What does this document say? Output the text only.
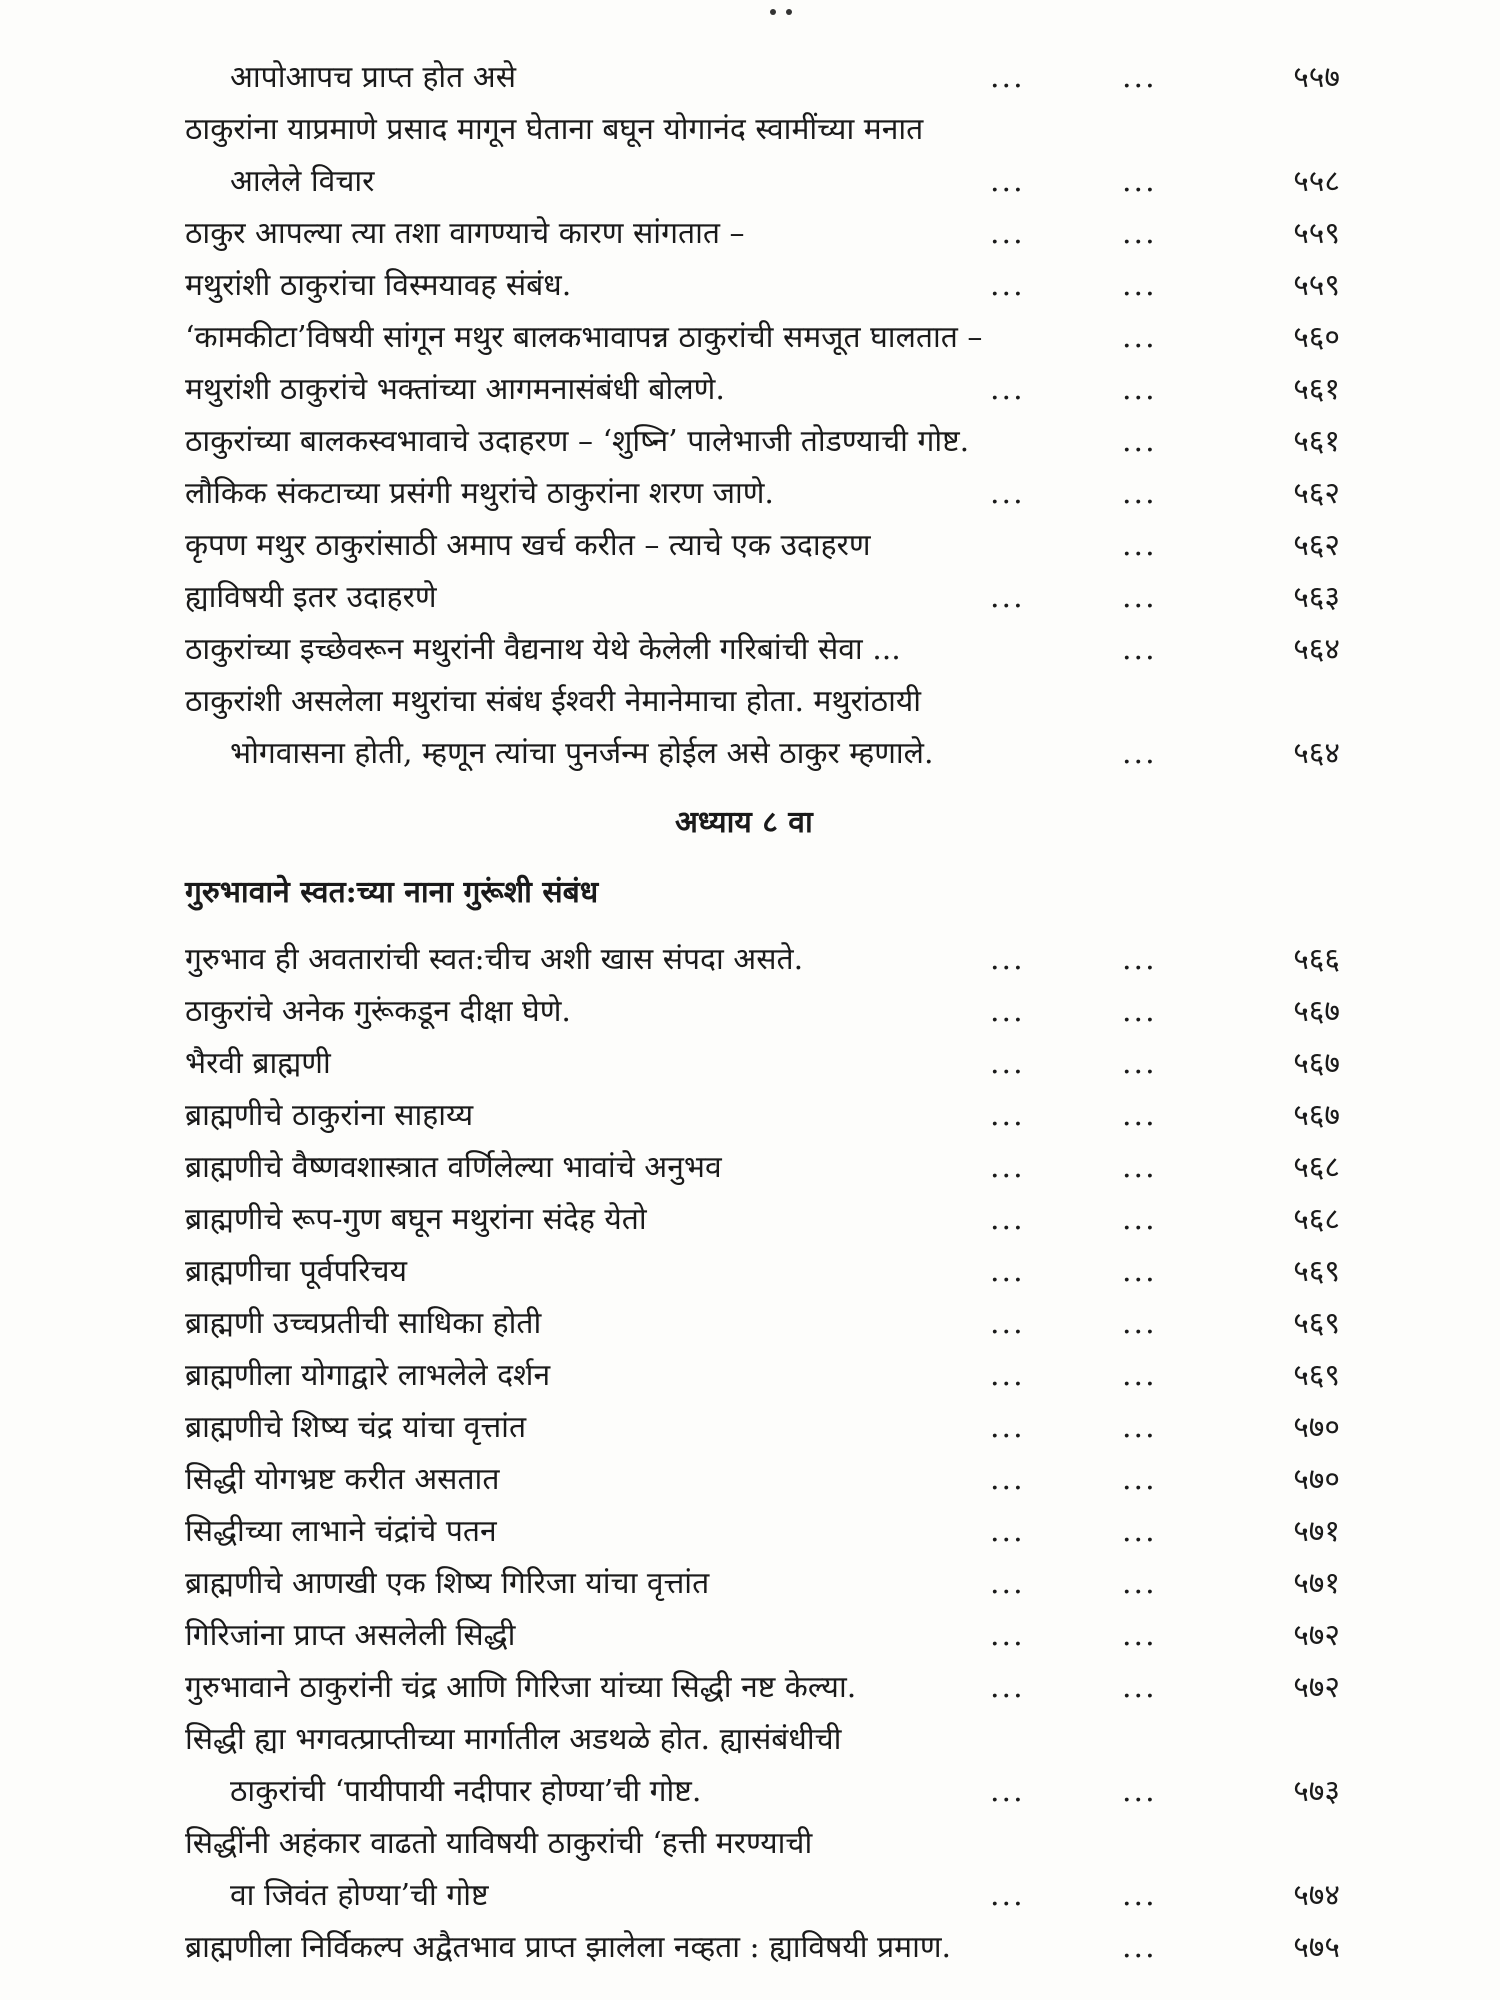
आपोआपच प्राप्त होत असे	...	...	५५७
ठाकुरांना याप्रमाणे प्रसाद मागून घेताना बघून योगानंद स्वामींच्या मनात
आलेले विचार	...	...	५५८
ठाकुर आपल्या त्या तशा वागण्याचे कारण सांगतात –	...	...	५५९
मथुरांशी ठाकुरांचा विस्मयावह संबंध.	...	...	५५९
‘कामकीटा’विषयी सांगून मथुर बालकभावापन्न ठाकुरांची समजूत घालतात –	...	५६०
मथुरांशी ठाकुरांचे भक्तांच्या आगमनासंबंधी बोलणे.	...	...	५६१
ठाकुरांच्या बालकस्वभावाचे उदाहरण – ‘शुष्नि’ पालेभाजी तोडण्याची गोष्ट.	...	५६१
लौकिक संकटाच्या प्रसंगी मथुरांचे ठाकुरांना शरण जाणे.	...	...	५६२
कृपण मथुर ठाकुरांसाठी अमाप खर्च करीत – त्याचे एक उदाहरण	...	५६२
ह्याविषयी इतर उदाहरणे	...	...	५६३
ठाकुरांच्या इच्छेवरून मथुरांनी वैद्यनाथ येथे केलेली गरिबांची सेवा ...	...	५६४
ठाकुरांशी असलेला मथुरांचा संबंध ईश्वरी नेमानेमाचा होता. मथुरांठायी
भोगवासना होती, म्हणून त्यांचा पुनर्जन्म होईल असे ठाकुर म्हणाले.	...	५६४
अध्याय ८ वा
गुरुभावाने स्वत:च्या नाना गुरूंशी संबंध
गुरुभाव ही अवतारांची स्वत:चीच अशी खास संपदा असते.	...	...	५६६
ठाकुरांचे अनेक गुरूंकडून दीक्षा घेणे.	...	...	५६७
भैरवी ब्राह्मणी	...	...	५६७
ब्राह्मणीचे ठाकुरांना साहाय्य	...	...	५६७
ब्राह्मणीचे वैष्णवशास्त्रात वर्णिलेल्या भावांचे अनुभव	...	...	५६८
ब्राह्मणीचे रूप-गुण बघून मथुरांना संदेह येतो	...	...	५६८
ब्राह्मणीचा पूर्वपरिचय	...	...	५६९
ब्राह्मणी उच्चप्रतीची साधिका होती	...	...	५६९
ब्राह्मणीला योगाद्वारे लाभलेले दर्शन	...	...	५६९
ब्राह्मणीचे शिष्य चंद्र यांचा वृत्तांत	...	...	५७०
सिद्धी योगभ्रष्ट करीत असतात	...	...	५७०
सिद्धीच्या लाभाने चंद्रांचे पतन	...	...	५७१
ब्राह्मणीचे आणखी एक शिष्य गिरिजा यांचा वृत्तांत	...	...	५७१
गिरिजांना प्राप्त असलेली सिद्धी	...	...	५७२
गुरुभावाने ठाकुरांनी चंद्र आणि गिरिजा यांच्या सिद्धी नष्ट केल्या.	...	...	५७२
सिद्धी ह्या भगवत्प्राप्तीच्या मार्गातील अडथळे होत. ह्यासंबंधीची
ठाकुरांची ‘पायीपायी नदीपार होण्या’ची गोष्ट.	...	...	५७३
सिद्धींनी अहंकार वाढतो याविषयी ठाकुरांची ‘हत्ती मरण्याची
वा जिवंत होण्या’ची गोष्ट	...	...	५७४
ब्राह्मणीला निर्विकल्प अद्वैतभाव प्राप्त झालेला नव्हता : ह्याविषयी प्रमाण.	...	५७५
